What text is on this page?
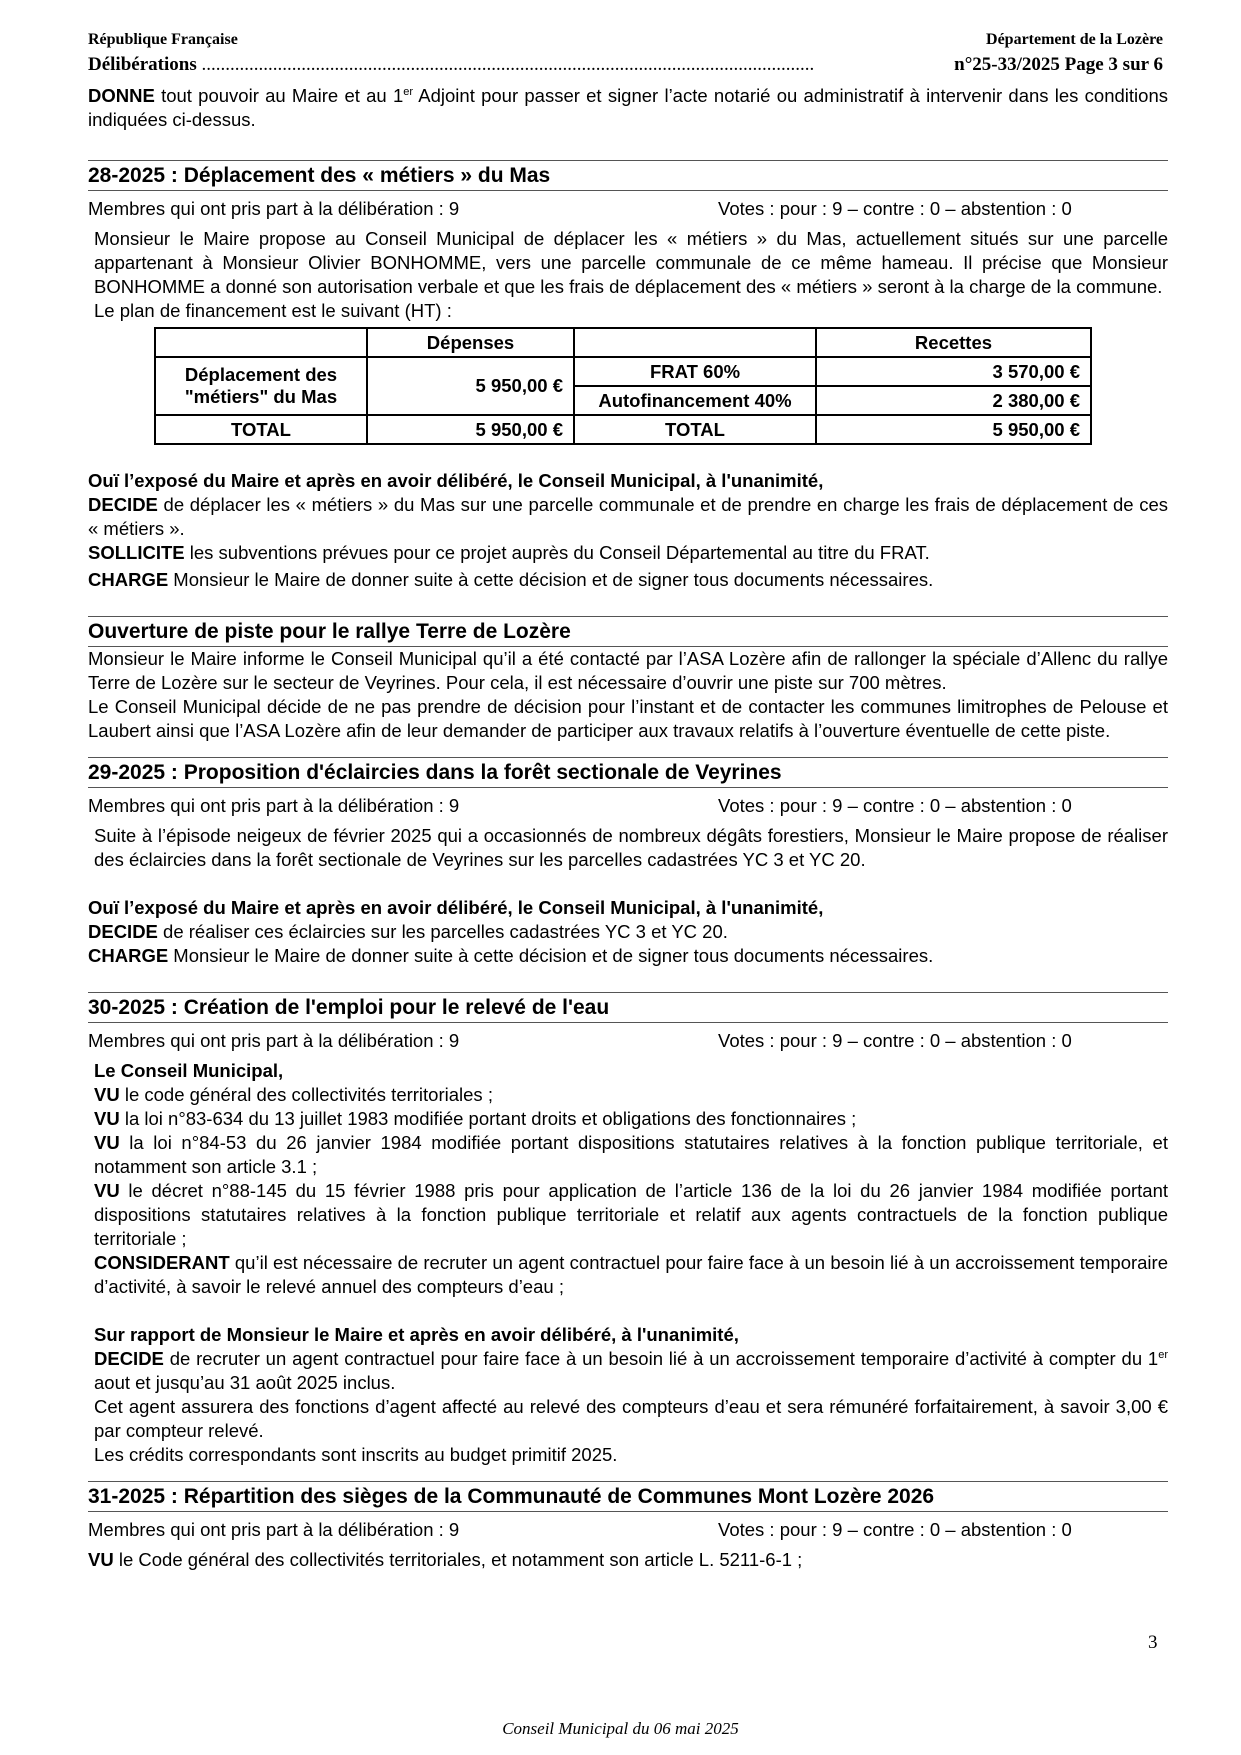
République Française	Département de la Lozère
Délibérations .................................................................................................................................	n°25-33/2025 Page 3 sur 6

DONNE tout pouvoir au Maire et au 1er Adjoint pour passer et signer l’acte notarié ou administratif à intervenir dans les conditions indiquées ci-dessus.

28-2025 : Déplacement des « métiers » du Mas
Membres qui ont pris part à la délibération : 9	Votes : pour : 9 – contre : 0 – abstention : 0

Monsieur le Maire propose au Conseil Municipal de déplacer les « métiers » du Mas, actuellement situés sur une parcelle appartenant à Monsieur Olivier BONHOMME, vers une parcelle communale de ce même hameau. Il précise que Monsieur BONHOMME a donné son autorisation verbale et que les frais de déplacement des « métiers » seront à la charge de la commune.

Le plan de financement est le suivant (HT) :

	Dépenses		Recettes
Déplacement des "métiers" du Mas	5 950,00 €	FRAT 60%	3 570,00 €
		Autofinancement 40%	2 380,00 €
TOTAL	5 950,00 €	TOTAL	5 950,00 €

Ouï l’exposé du Maire et après en avoir délibéré, le Conseil Municipal, à l'unanimité,

DECIDE de déplacer les « métiers » du Mas sur une parcelle communale et de prendre en charge les frais de déplacement de ces « métiers ».

SOLLICITE les subventions prévues pour ce projet auprès du Conseil Départemental au titre du FRAT.

CHARGE Monsieur le Maire de donner suite à cette décision et de signer tous documents nécessaires.

Ouverture de piste pour le rallye Terre de Lozère

Monsieur le Maire informe le Conseil Municipal qu’il a été contacté par l’ASA Lozère afin de rallonger la spéciale d’Allenc du rallye Terre de Lozère sur le secteur de Veyrines. Pour cela, il est nécessaire d’ouvrir une piste sur 700 mètres.

Le Conseil Municipal décide de ne pas prendre de décision pour l’instant et de contacter les communes limitrophes de Pelouse et Laubert ainsi que l’ASA Lozère afin de leur demander de participer aux travaux relatifs à l’ouverture éventuelle de cette piste.

29-2025 : Proposition d'éclaircies dans la forêt sectionale de Veyrines
Membres qui ont pris part à la délibération : 9	Votes : pour : 9 – contre : 0 – abstention : 0

Suite à l’épisode neigeux de février 2025 qui a occasionnés de nombreux dégâts forestiers, Monsieur le Maire propose de réaliser des éclaircies dans la forêt sectionale de Veyrines sur les parcelles cadastrées YC 3 et YC 20.

Ouï l’exposé du Maire et après en avoir délibéré, le Conseil Municipal, à l'unanimité,

DECIDE de réaliser ces éclaircies sur les parcelles cadastrées YC 3 et YC 20.

CHARGE Monsieur le Maire de donner suite à cette décision et de signer tous documents nécessaires.

30-2025 : Création de l'emploi pour le relevé de l'eau
Membres qui ont pris part à la délibération : 9	Votes : pour : 9 – contre : 0 – abstention : 0

Le Conseil Municipal,

VU le code général des collectivités territoriales ;

VU la loi n°83-634 du 13 juillet 1983 modifiée portant droits et obligations des fonctionnaires ;

VU la loi n°84-53 du 26 janvier 1984 modifiée portant dispositions statutaires relatives à la fonction publique territoriale, et notamment son article 3.1 ;

VU le décret n°88-145 du 15 février 1988 pris pour application de l’article 136 de la loi du 26 janvier 1984 modifiée portant dispositions statutaires relatives à la fonction publique territoriale et relatif aux agents contractuels de la fonction publique territoriale ;

CONSIDERANT qu’il est nécessaire de recruter un agent contractuel pour faire face à un besoin lié à un accroissement temporaire d’activité, à savoir le relevé annuel des compteurs d’eau ;

Sur rapport de Monsieur le Maire et après en avoir délibéré, à l'unanimité,

DECIDE de recruter un agent contractuel pour faire face à un besoin lié à un accroissement temporaire d’activité à compter du 1er aout et jusqu’au 31 août 2025 inclus.

Cet agent assurera des fonctions d’agent affecté au relevé des compteurs d’eau et sera rémunéré forfaitairement, à savoir 3,00 € par compteur relevé.

Les crédits correspondants sont inscrits au budget primitif 2025.

31-2025 : Répartition des sièges de la Communauté de Communes Mont Lozère 2026
Membres qui ont pris part à la délibération : 9	Votes : pour : 9 – contre : 0 – abstention : 0

VU le Code général des collectivités territoriales, et notamment son article L. 5211-6-1 ;

3
Conseil Municipal du 06 mai 2025
